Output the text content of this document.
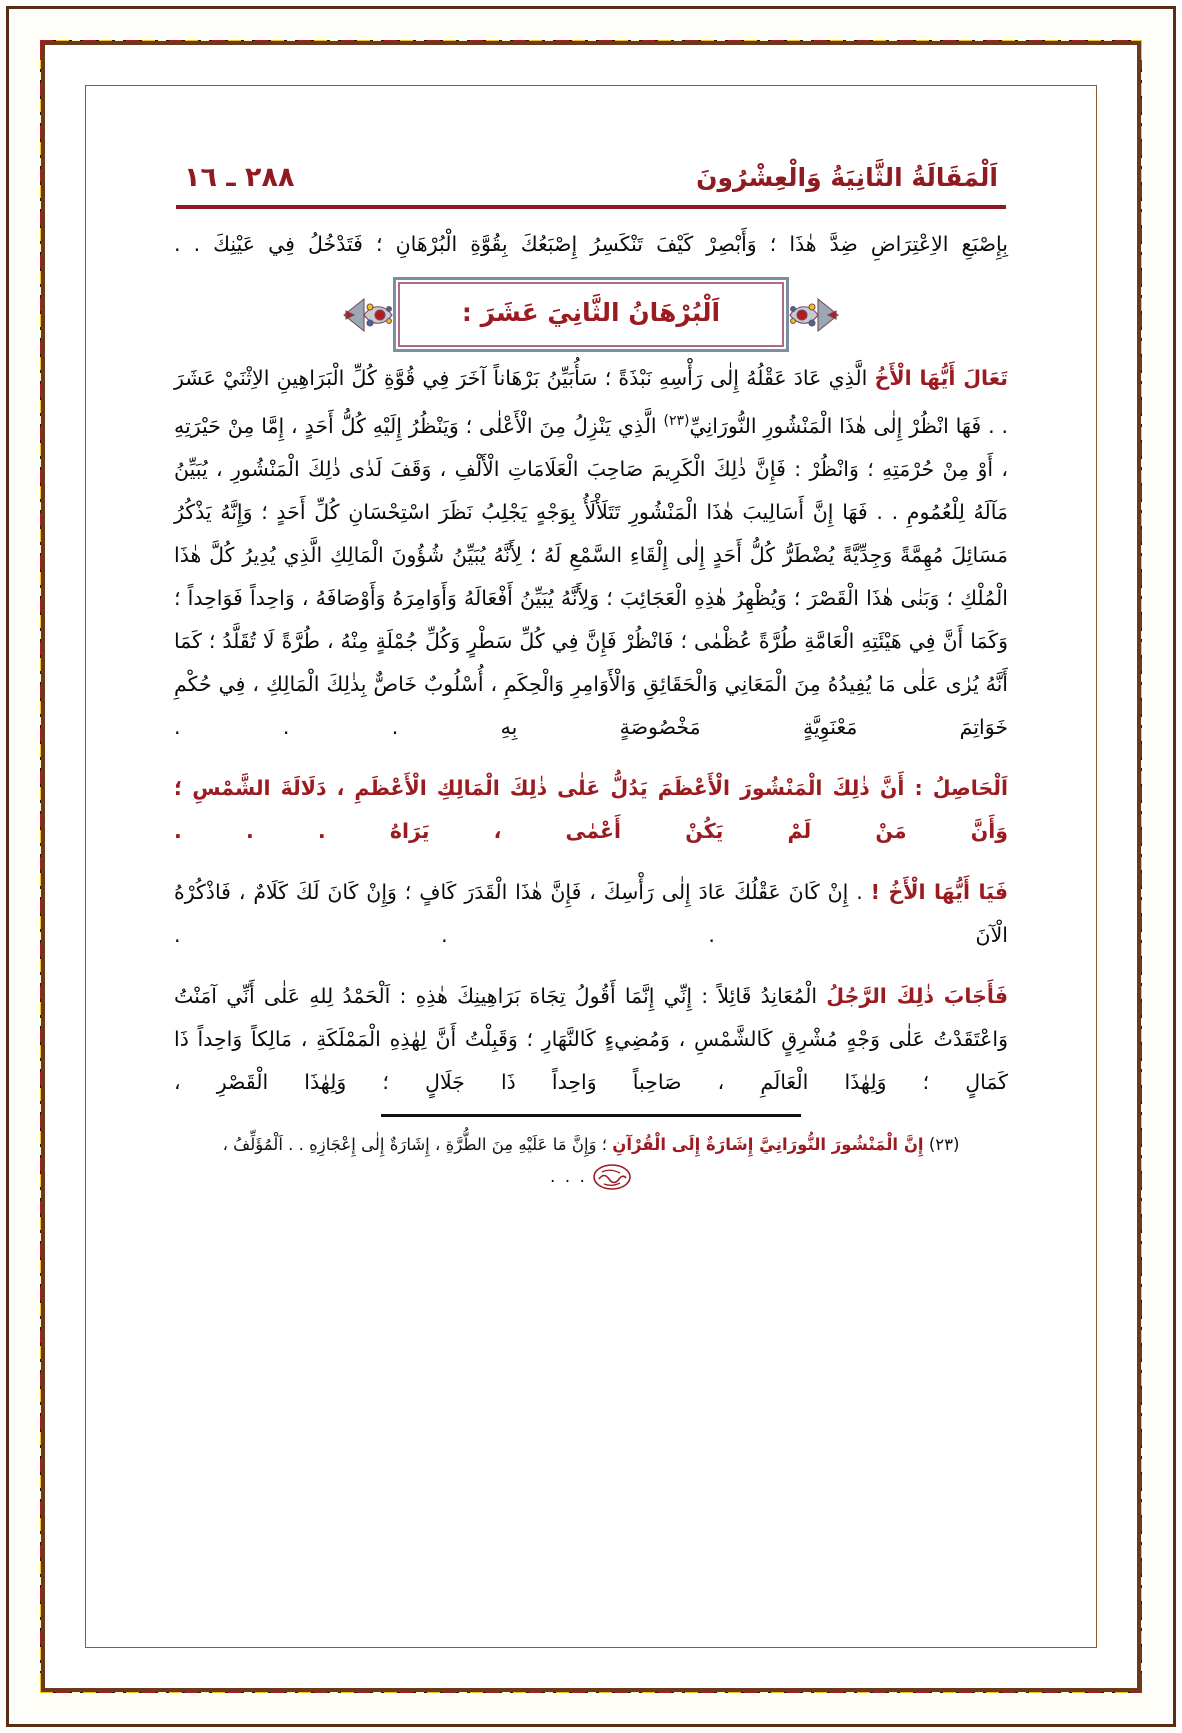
اَلْمَقَالَةُ الثَّانِيَةُ وَالْعِشْرُونَ
٢٨٨ ـ ١٦

بِإِصْبَعِ الاِعْتِرَاضِ ضِدَّ هٰذَا ؛ وَأَبْصِرْ كَيْفَ تَنْكَسِرُ إِصْبَعُكَ بِقُوَّةِ الْبُرْهَانِ ؛ فَتَدْخُلُ فِي عَيْنِكَ . .

اَلْبُرْهَانُ الثَّانِيَ عَشَرَ :

تَعَالَ أَيُّهَا الْأَخُ الَّذِي عَادَ عَقْلُهُ إِلٰى رَأْسِهِ نَبْذَةً ؛ سَأُبَيِّنُ بَرْهَاناً آخَرَ فِي قُوَّةِ كُلِّ الْبَرَاهِينِ الاِثْنَيْ عَشَرَ . . فَهَا انْظُرْ إِلٰى هٰذَا الْمَنْشُورِ النُّورَانِيِّ$^{(٢٣)}$ الَّذِي يَنْزِلُ مِنَ الْأَعْلٰى ؛ وَيَنْظُرُ إِلَيْهِ كُلُّ أَحَدٍ ، إِمَّا مِنْ حَيْرَتِهِ ، أَوْ مِنْ حُرْمَتِهِ ؛ وَانْظُرْ : فَإِنَّ ذٰلِكَ الْكَرِيمَ صَاحِبَ الْعَلَامَاتِ الْأَلْفِ ، وَقَفَ لَدٰى ذٰلِكَ الْمَنْشُورِ ، يُبَيِّنُ مَآلَهُ لِلْعُمُومِ . . فَهَا إِنَّ أَسَالِيبَ هٰذَا الْمَنْشُورِ تَتَلَأْلَأُ بِوَجْهٍ يَجْلِبُ نَظَرَ اسْتِحْسَانِ كُلِّ أَحَدٍ ؛ وَإِنَّهُ يَذْكُرُ مَسَائِلَ مُهِمَّةً وَجِدِّيَّةً يُضْطَرُّ كُلُّ أَحَدٍ إِلٰى إِلْقَاءِ السَّمْعِ لَهُ ؛ لِأَنَّهُ يُبَيِّنُ شُؤُونَ الْمَالِكِ الَّذِي يُدِيرُ كُلَّ هٰذَا الْمُلْكِ ؛ وَبَنٰى هٰذَا الْقَصْرَ ؛ وَيُظْهِرُ هٰذِهِ الْعَجَائِبَ ؛ وَلِأَنَّهُ يُبَيِّنُ أَفْعَالَهُ وَأَوَامِرَهُ وَأَوْصَافَهُ ، وَاحِداً فَوَاحِداً ؛ وَكَمَا أَنَّ فِي هَيْئَتِهِ الْعَامَّةِ طُرَّةً عُظْمٰى ؛ فَانْظُرْ فَإِنَّ فِي كُلِّ سَطْرٍ وَكُلِّ جُمْلَةٍ مِنْهُ ، طُرَّةً لَا تُقَلَّدُ ؛ كَمَا أَنَّهُ يُرٰى عَلٰى مَا يُفِيدُهُ مِنَ الْمَعَانِي وَالْحَقَائِقِ وَالْأَوَامِرِ وَالْحِكَمِ ، أُسْلُوبٌ خَاصٌّ بِذٰلِكَ الْمَالِكِ ، فِي حُكْمِ خَوَاتِمَ مَعْنَوِيَّةٍ مَخْصُوصَةٍ بِهِ . . .

اَلْحَاصِلُ : أَنَّ ذٰلِكَ الْمَنْشُورَ الْأَعْظَمَ يَدُلُّ عَلٰى ذٰلِكَ الْمَالِكِ الْأَعْظَمِ ، دَلَالَةَ الشَّمْسِ ؛ وَأَنَّ مَنْ لَمْ يَكُنْ أَعْمٰى ، يَرَاهُ . . .

فَيَا أَيُّهَا الْأَخُ ! . إِنْ كَانَ عَقْلُكَ عَادَ إِلٰى رَأْسِكَ ، فَإِنَّ هٰذَا الْقَدَرَ كَافٍ ؛ وَإِنْ كَانَ لَكَ كَلَامٌ ، فَاذْكُرْهُ الْآنَ . . .

فَأَجَابَ ذٰلِكَ الرَّجُلُ الْمُعَانِدُ قَائِلاً : إِنِّي إِنَّمَا أَقُولُ تِجَاهَ بَرَاهِينِكَ هٰذِهِ : اَلْحَمْدُ لِلهِ عَلٰى أَنِّي آمَنْتُ وَاعْتَقَدْتُ عَلٰى وَجْهٍ مُشْرِقٍ كَالشَّمْسِ ، وَمُضِيءٍ كَالنَّهَارِ ؛ وَقَبِلْتُ أَنَّ لِهٰذِهِ الْمَمْلَكَةِ ، مَالِكاً وَاحِداً ذَا كَمَالٍ ؛ وَلِهٰذَا الْعَالَمِ ، صَاحِباً وَاحِداً ذَا جَلَالٍ ؛ وَلِهٰذَا الْقَصْرِ ،

(٢٣) إِنَّ الْمَنْشُورَ النُّورَانِيَّ إِشَارَةٌ إِلَى الْقُرْآنِ ؛ وَإِنَّ مَا عَلَيْهِ مِنَ الطُّرَّةِ ، إِشَارَةٌ إِلٰى إِعْجَازِهِ . . اَلْمُؤَلِّفُ ،
. . .
